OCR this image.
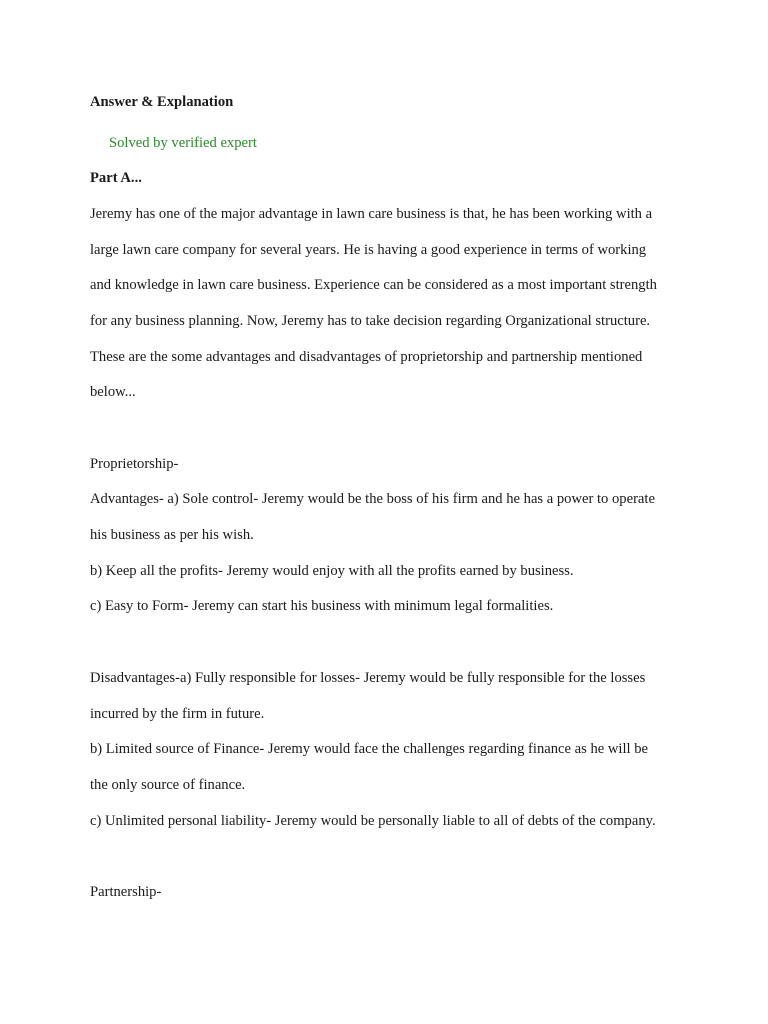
Answer & Explanation
Solved by verified expert
Part A...
Jeremy has one of the major advantage in lawn care business is that, he has been working with a
large lawn care company for several years. He is having a good experience in terms of working
and knowledge in lawn care business. Experience can be considered as a most important strength
for any business planning. Now, Jeremy has to take decision regarding Organizational structure.
These are the some advantages and disadvantages of proprietorship and partnership mentioned
below...
Proprietorship-
Advantages- a) Sole control- Jeremy would be the boss of his firm and he has a power to operate
his business as per his wish.
b) Keep all the profits- Jeremy would enjoy with all the profits earned by business.
c) Easy to Form- Jeremy can start his business with minimum legal formalities.
Disadvantages-a) Fully responsible for losses- Jeremy would be fully responsible for the losses
incurred by the firm in future.
b) Limited source of Finance- Jeremy would face the challenges regarding finance as he will be
the only source of finance.
c) Unlimited personal liability- Jeremy would be personally liable to all of debts of the company.
Partnership-
